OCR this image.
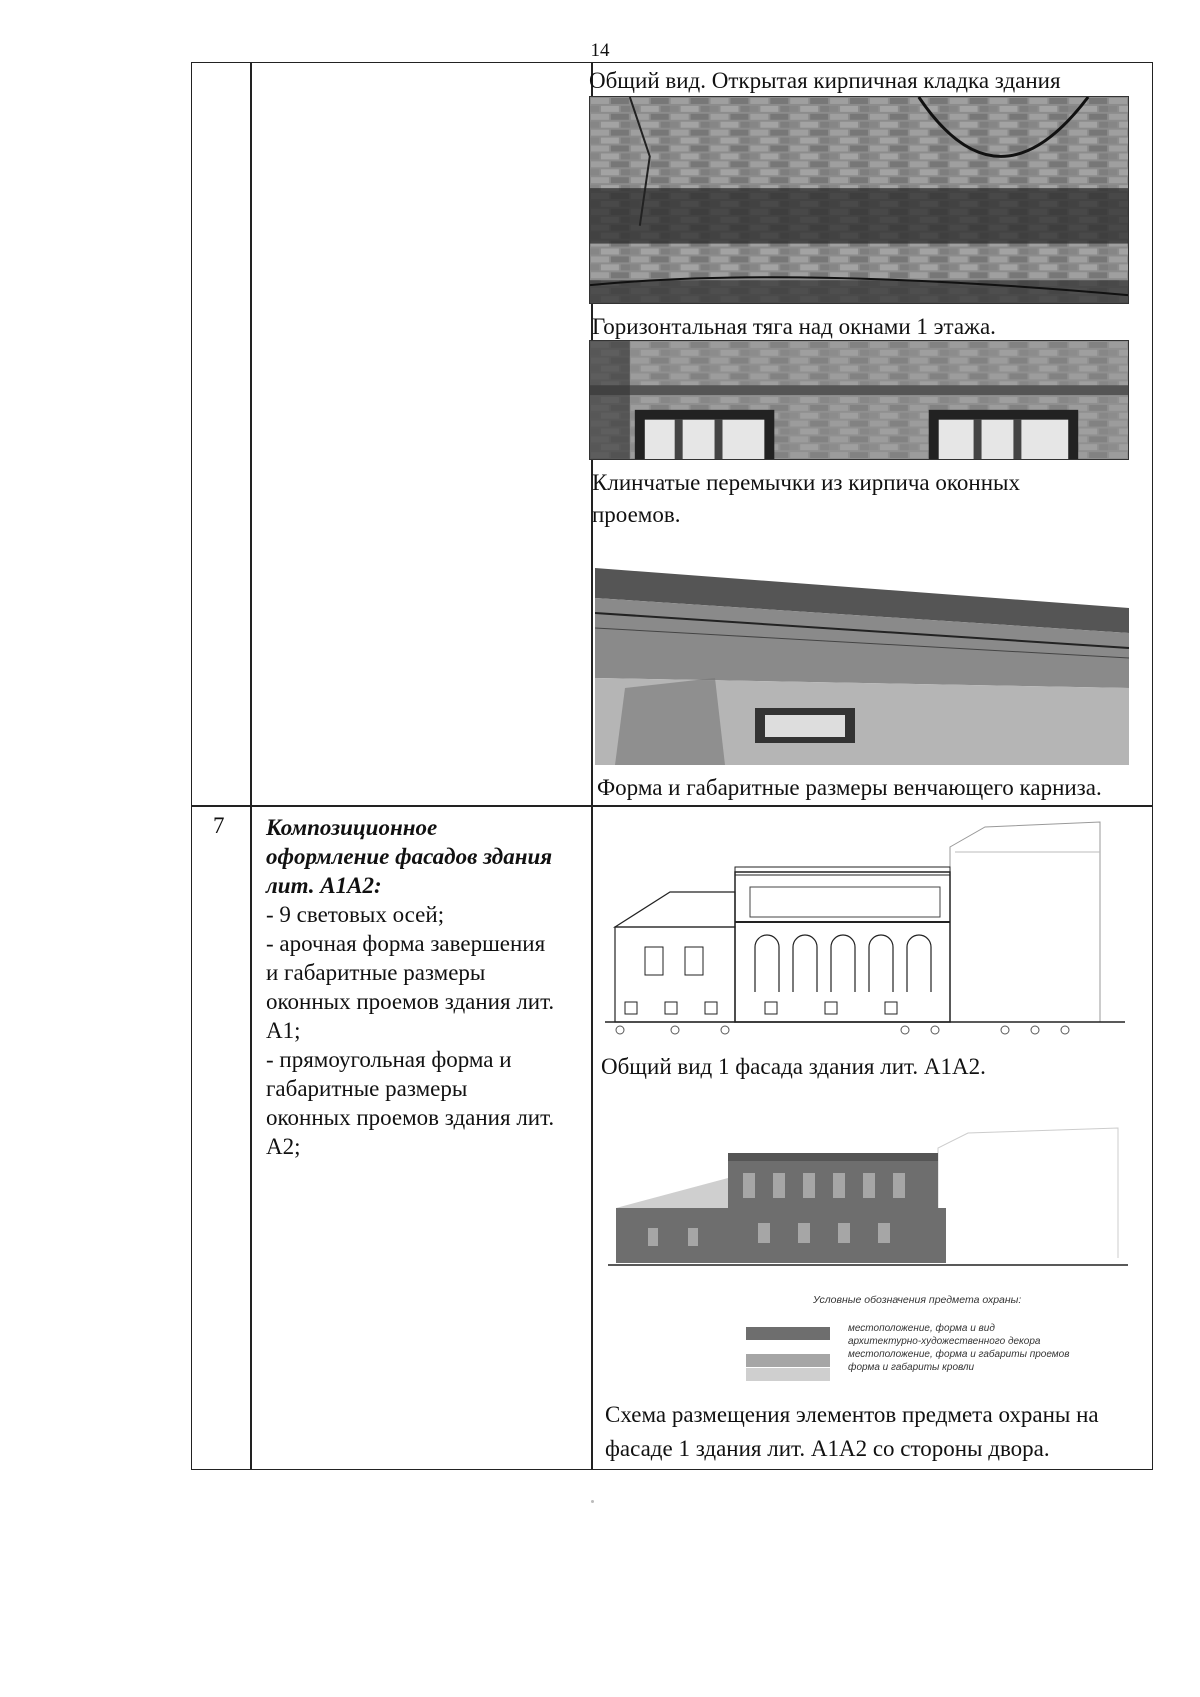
14
Общий вид. Открытая кирпичная кладка здания
Горизонтальная тяга над окнами 1 этажа.
Клинчатые перемычки из кирпича оконных
проемов.
Форма и габаритные размеры венчающего карниза.
7 Композиционное
оформление фасадов здания
лит. А1А2:
- 9 световых осей;
- арочная форма завершения
и габаритные размеры
оконных проемов здания лит.
А1;
- прямоугольная форма и
габаритные размеры
оконных проемов здания лит.
А2;
Общий вид 1 фасада здания лит. А1А2.
Условные обозначения предмета охраны:
местоположение, форма и вид
архитектурно-художественного декора
местоположение, форма и габариты проемов
форма и габариты кровли
Схема размещения элементов предмета охраны на
фасаде 1 здания лит. А1А2 со стороны двора.
